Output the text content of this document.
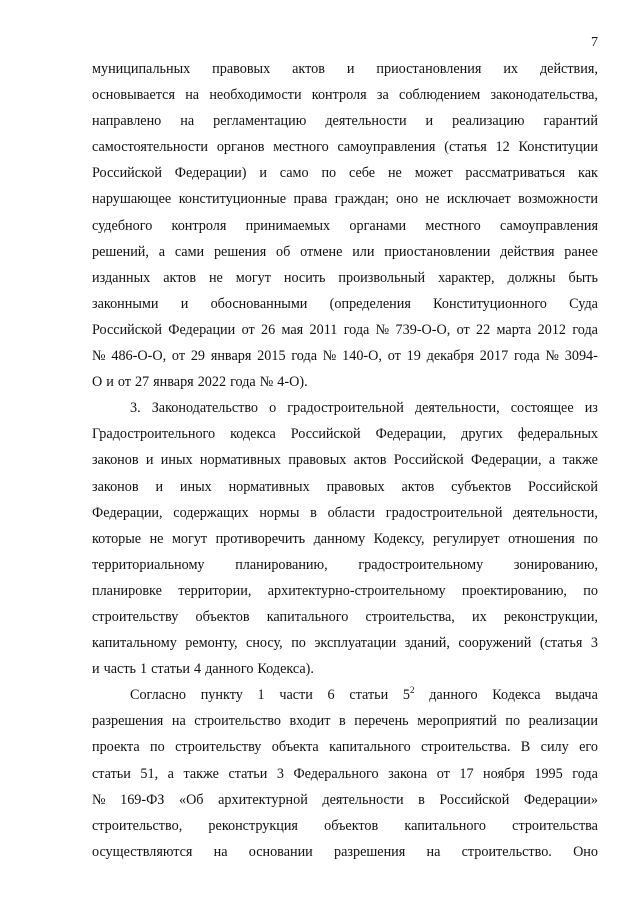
7
муниципальных правовых актов и приостановления их действия,
основывается на необходимости контроля за соблюдением законодательства,
направлено на регламентацию деятельности и реализацию гарантий
самостоятельности органов местного самоуправления (статья 12 Конституции
Российской Федерации) и само по себе не может рассматриваться как
нарушающее конституционные права граждан; оно не исключает возможности
судебного контроля принимаемых органами местного самоуправления
решений, а сами решения об отмене или приостановлении действия ранее
изданных актов не могут носить произвольный характер, должны быть
законными и обоснованными (определения Конституционного Суда
Российской Федерации от 26 мая 2011 года № 739-О-О, от 22 марта 2012 года
№ 486-О-О, от 29 января 2015 года № 140-О, от 19 декабря 2017 года № 3094-
О и от 27 января 2022 года № 4-О).
3. Законодательство о градостроительной деятельности, состоящее из
Градостроительного кодекса Российской Федерации, других федеральных
законов и иных нормативных правовых актов Российской Федерации, а также
законов и иных нормативных правовых актов субъектов Российской
Федерации, содержащих нормы в области градостроительной деятельности,
которые не могут противоречить данному Кодексу, регулирует отношения по
территориальному планированию, градостроительному зонированию,
планировке территории, архитектурно-строительному проектированию, по
строительству объектов капитального строительства, их реконструкции,
капитальному ремонту, сносу, по эксплуатации зданий, сооружений (статья 3
и часть 1 статьи 4 данного Кодекса).
Согласно пункту 1 части 6 статьи $5^2$ данного Кодекса выдача
разрешения на строительство входит в перечень мероприятий по реализации
проекта по строительству объекта капитального строительства. В силу его
статьи 51, а также статьи 3 Федерального закона от 17 ноября 1995 года
№ 169-ФЗ «Об архитектурной деятельности в Российской Федерации»
строительство, реконструкция объектов капитального строительства
осуществляются на основании разрешения на строительство. Оно
